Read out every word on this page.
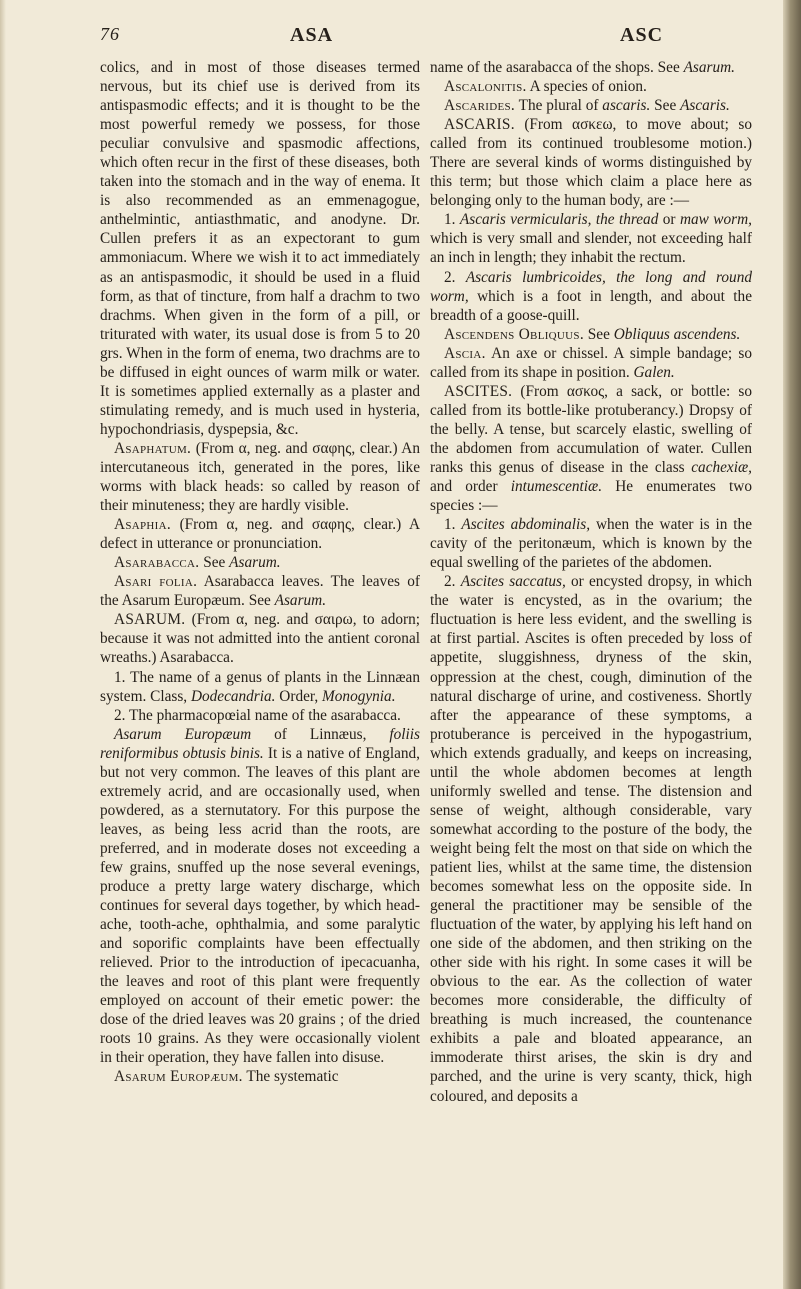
76	ASA	ASC

colics, and in most of those diseases termed nervous, but its chief use is derived from its antispasmodic effects; and it is thought to be the most powerful remedy we possess, for those peculiar convulsive and spasmodic affections, which often recur in the first of these diseases, both taken into the stomach and in the way of enema. It is also recommended as an emmenagogue, anthelmintic, antiasthmatic, and anodyne. Dr. Cullen prefers it as an expectorant to gum ammoniacum. Where we wish it to act immediately as an antispasmodic, it should be used in a fluid form, as that of tincture, from half a drachm to two drachms. When given in the form of a pill, or triturated with water, its usual dose is from 5 to 20 grs. When in the form of enema, two drachms are to be diffused in eight ounces of warm milk or water. It is sometimes applied externally as a plaster and stimulating remedy, and is much used in hysteria, hypochondriasis, dyspepsia, &c.

Asaphatum. (From α, neg. and σαφης, clear.) An intercutaneous itch, generated in the pores, like worms with black heads: so called by reason of their minuteness; they are hardly visible.

Asaphia. (From α, neg. and σαφης, clear.) A defect in utterance or pronunciation.

Asarabacca. See Asarum.

Asari folia. Asarabacca leaves. The leaves of the Asarum Europæum. See Asarum.

ASARUM. (From α, neg. and σαιρω, to adorn; because it was not admitted into the antient coronal wreaths.) Asarabacca.

1. The name of a genus of plants in the Linnæan system. Class, Dodecandria. Order, Monogynia.

2. The pharmacopœial name of the asarabacca.

Asarum Europæum of Linnæus, foliis reniformibus obtusis binis. It is a native of England, but not very common. The leaves of this plant are extremely acrid, and are occasionally used, when powdered, as a sternutatory. For this purpose the leaves, as being less acrid than the roots, are preferred, and in moderate doses not exceeding a few grains, snuffed up the nose several evenings, produce a pretty large watery discharge, which continues for several days together, by which head-ache, tooth-ache, ophthalmia, and some paralytic and soporific complaints have been effectually relieved. Prior to the introduction of ipecacuanha, the leaves and root of this plant were frequently employed on account of their emetic power: the dose of the dried leaves was 20 grains ; of the dried roots 10 grains. As they were occasionally violent in their operation, they have fallen into disuse.

Asarum Europæum. The systematic

name of the asarabacca of the shops. See Asarum.

Ascalonitis. A species of onion.

Ascarides. The plural of ascaris. See Ascaris.

ASCARIS. (From ασκεω, to move about; so called from its continued troublesome motion.) There are several kinds of worms distinguished by this term; but those which claim a place here as belonging only to the human body, are :—

1. Ascaris vermicularis, the thread or maw worm, which is very small and slender, not exceeding half an inch in length; they inhabit the rectum.

2. Ascaris lumbricoides, the long and round worm, which is a foot in length, and about the breadth of a goose-quill.

Ascendens Obliquus. See Obliquus ascendens.

Ascia. An axe or chissel. A simple bandage; so called from its shape in position. Galen.

ASCITES. (From ασκος, a sack, or bottle: so called from its bottle-like protuberancy.) Dropsy of the belly. A tense, but scarcely elastic, swelling of the abdomen from accumulation of water. Cullen ranks this genus of disease in the class cachexiæ, and order intumescentiæ. He enumerates two species :—

1. Ascites abdominalis, when the water is in the cavity of the peritonæum, which is known by the equal swelling of the parietes of the abdomen.

2. Ascites saccatus, or encysted dropsy, in which the water is encysted, as in the ovarium; the fluctuation is here less evident, and the swelling is at first partial. Ascites is often preceded by loss of appetite, sluggishness, dryness of the skin, oppression at the chest, cough, diminution of the natural discharge of urine, and costiveness. Shortly after the appearance of these symptoms, a protuberance is perceived in the hypogastrium, which extends gradually, and keeps on increasing, until the whole abdomen becomes at length uniformly swelled and tense. The distension and sense of weight, although considerable, vary somewhat according to the posture of the body, the weight being felt the most on that side on which the patient lies, whilst at the same time, the distension becomes somewhat less on the opposite side. In general the practitioner may be sensible of the fluctuation of the water, by applying his left hand on one side of the abdomen, and then striking on the other side with his right. In some cases it will be obvious to the ear. As the collection of water becomes more considerable, the difficulty of breathing is much increased, the countenance exhibits a pale and bloated appearance, an immoderate thirst arises, the skin is dry and parched, and the urine is very scanty, thick, high coloured, and deposits a
